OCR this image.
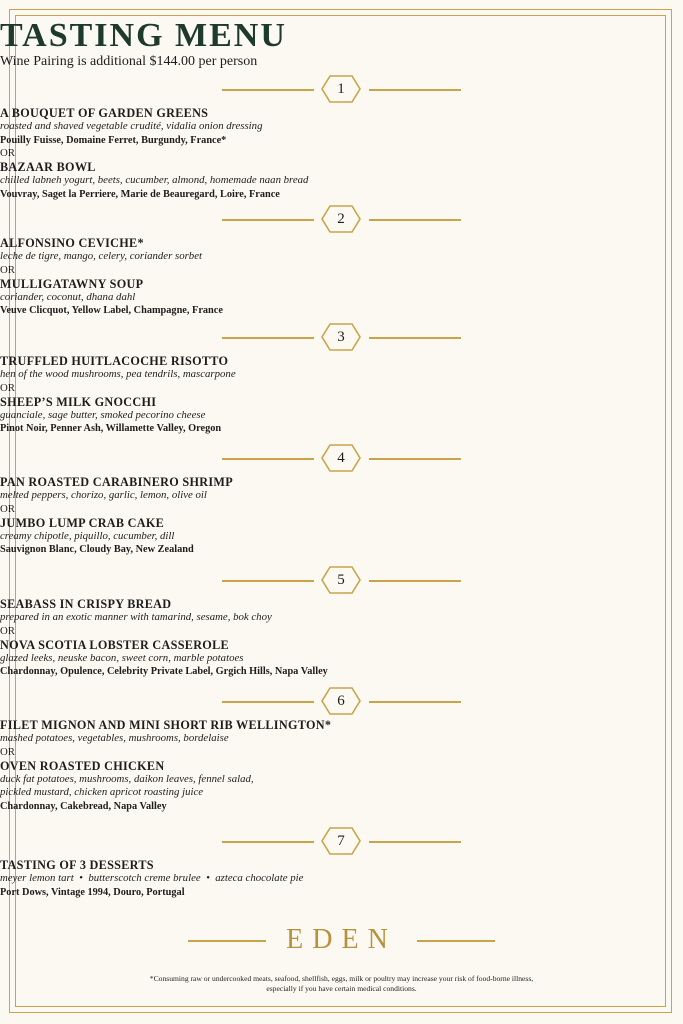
TASTING MENU
Wine Pairing is additional $144.00 per person
1
A BOUQUET OF GARDEN GREENS
roasted and shaved vegetable crudité, vidalia onion dressing
Pouilly Fuisse, Domaine Ferret, Burgundy, France*
OR
BAZAAR BOWL
chilled labneh yogurt, beets, cucumber, almond, homemade naan bread
Vouvray, Saget la Perriere, Marie de Beauregard, Loire, France
2
ALFONSINO CEVICHE*
leche de tigre, mango, celery, coriander sorbet
OR
MULLIGATAWNY SOUP
coriander, coconut, dhana dahl
Veuve Clicquot, Yellow Label, Champagne, France
3
TRUFFLED HUITLACOCHE RISOTTO
hen of the wood mushrooms, pea tendrils, mascarpone
OR
SHEEP’S MILK GNOCCHI
guanciale, sage butter, smoked pecorino cheese
Pinot Noir, Penner Ash, Willamette Valley, Oregon
4
PAN ROASTED CARABINERO SHRIMP
melted peppers, chorizo, garlic, lemon, olive oil
OR
JUMBO LUMP CRAB CAKE
creamy chipotle, piquillo, cucumber, dill
Sauvignon Blanc, Cloudy Bay, New Zealand
5
SEABASS IN CRISPY BREAD
prepared in an exotic manner with tamarind, sesame, bok choy
OR
NOVA SCOTIA LOBSTER CASSEROLE
glazed leeks, neuske bacon, sweet corn, marble potatoes
Chardonnay, Opulence, Celebrity Private Label, Grgich Hills, Napa Valley
6
FILET MIGNON AND MINI SHORT RIB WELLINGTON*
mashed potatoes, vegetables, mushrooms, bordelaise
OR
OVEN ROASTED CHICKEN
duck fat potatoes, mushrooms, daikon leaves, fennel salad,
pickled mustard, chicken apricot roasting juice
Chardonnay, Cakebread, Napa Valley
7
TASTING OF 3 DESSERTS
meyer lemon tart  •  butterscotch creme brulee  •  azteca chocolate pie
Port Dows, Vintage 1994, Douro, Portugal
EDEN
*Consuming raw or undercooked meats, seafood, shellfish, eggs, milk or poultry may increase your risk of food-borne illness,
especially if you have certain medical conditions.
